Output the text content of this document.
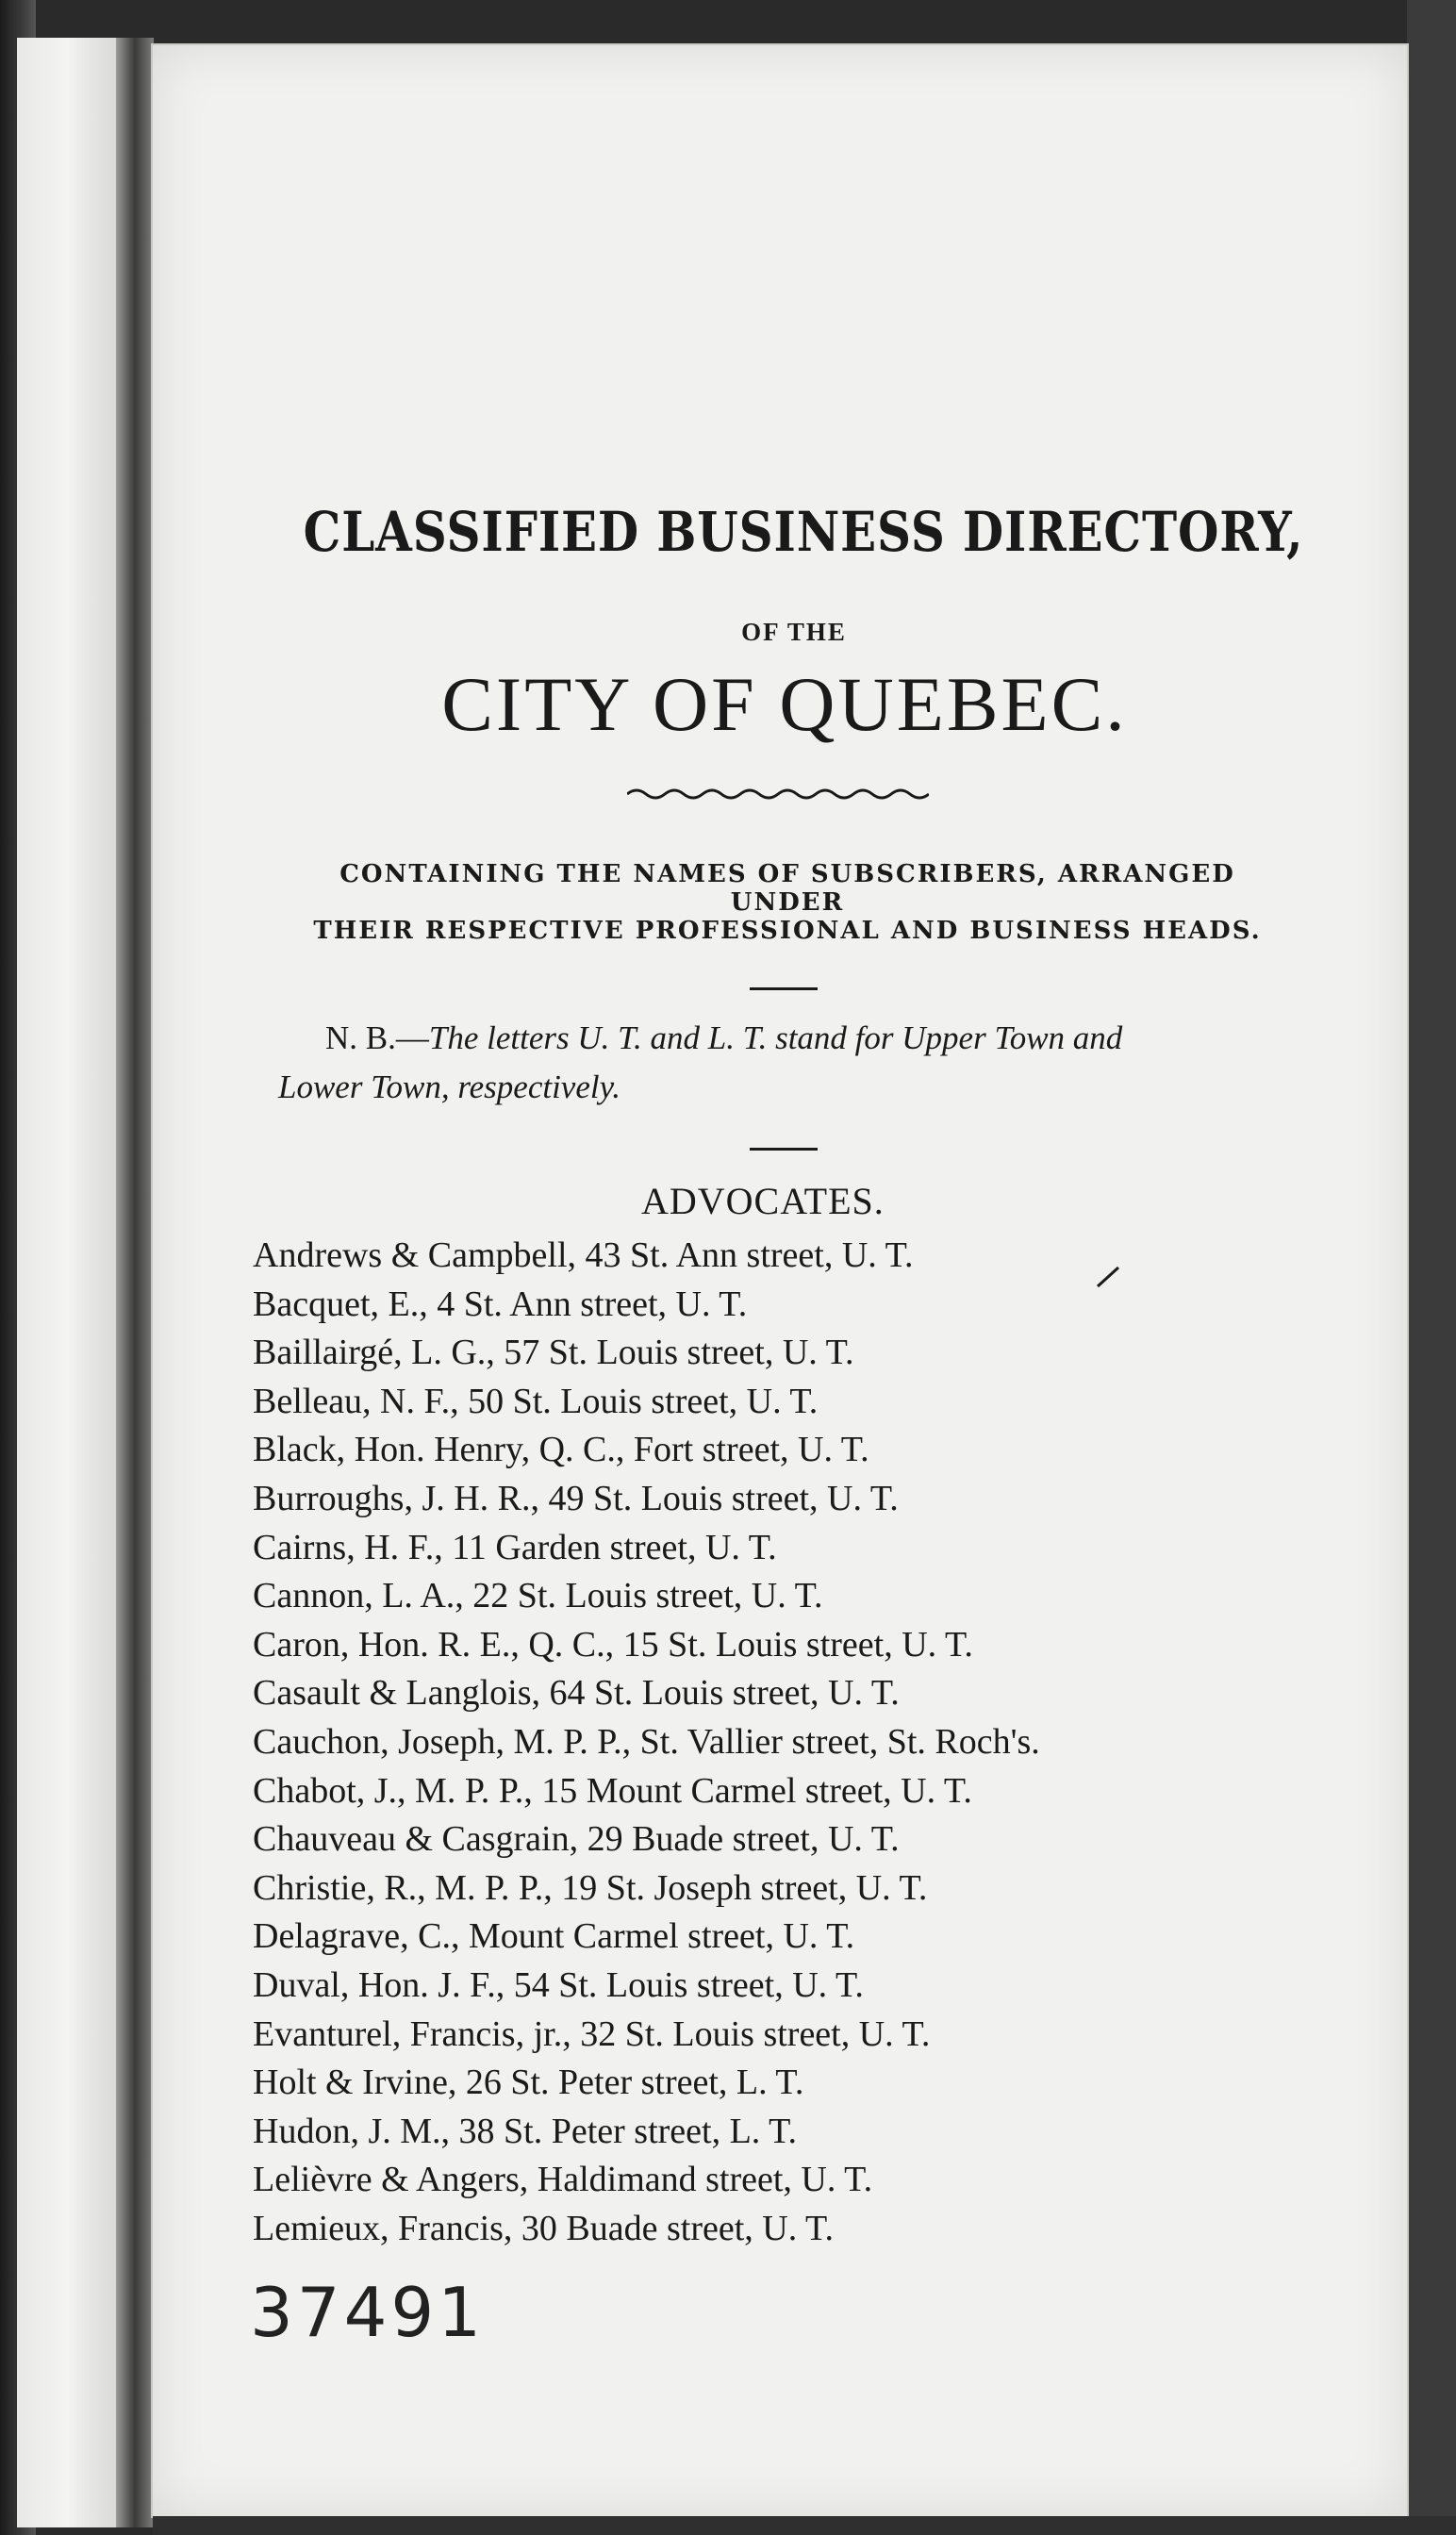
CLASSIFIED BUSINESS DIRECTORY,
OF THE
CITY OF QUEBEC.
CONTAINING THE NAMES OF SUBSCRIBERS, ARRANGED UNDER
THEIR RESPECTIVE PROFESSIONAL AND BUSINESS HEADS.
N. B.—The letters U. T. and L. T. stand for Upper Town and
Lower Town, respectively.
ADVOCATES.
Andrews & Campbell, 43 St. Ann street, U. T.
Bacquet, E., 4 St. Ann street, U. T.
Baillairgé, L. G., 57 St. Louis street, U. T.
Belleau, N. F., 50 St. Louis street, U. T.
Black, Hon. Henry, Q. C., Fort street, U. T.
Burroughs, J. H. R., 49 St. Louis street, U. T.
Cairns, H. F., 11 Garden street, U. T.
Cannon, L. A., 22 St. Louis street, U. T.
Caron, Hon. R. E., Q. C., 15 St. Louis street, U. T.
Casault & Langlois, 64 St. Louis street, U. T.
Cauchon, Joseph, M. P. P., St. Vallier street, St. Roch's.
Chabot, J., M. P. P., 15 Mount Carmel street, U. T.
Chauveau & Casgrain, 29 Buade street, U. T.
Christie, R., M. P. P., 19 St. Joseph street, U. T.
Delagrave, C., Mount Carmel street, U. T.
Duval, Hon. J. F., 54 St. Louis street, U. T.
Evanturel, Francis, jr., 32 St. Louis street, U. T.
Holt & Irvine, 26 St. Peter street, L. T.
Hudon, J. M., 38 St. Peter street, L. T.
Lelièvre & Angers, Haldimand street, U. T.
Lemieux, Francis, 30 Buade street, U. T.
37491
